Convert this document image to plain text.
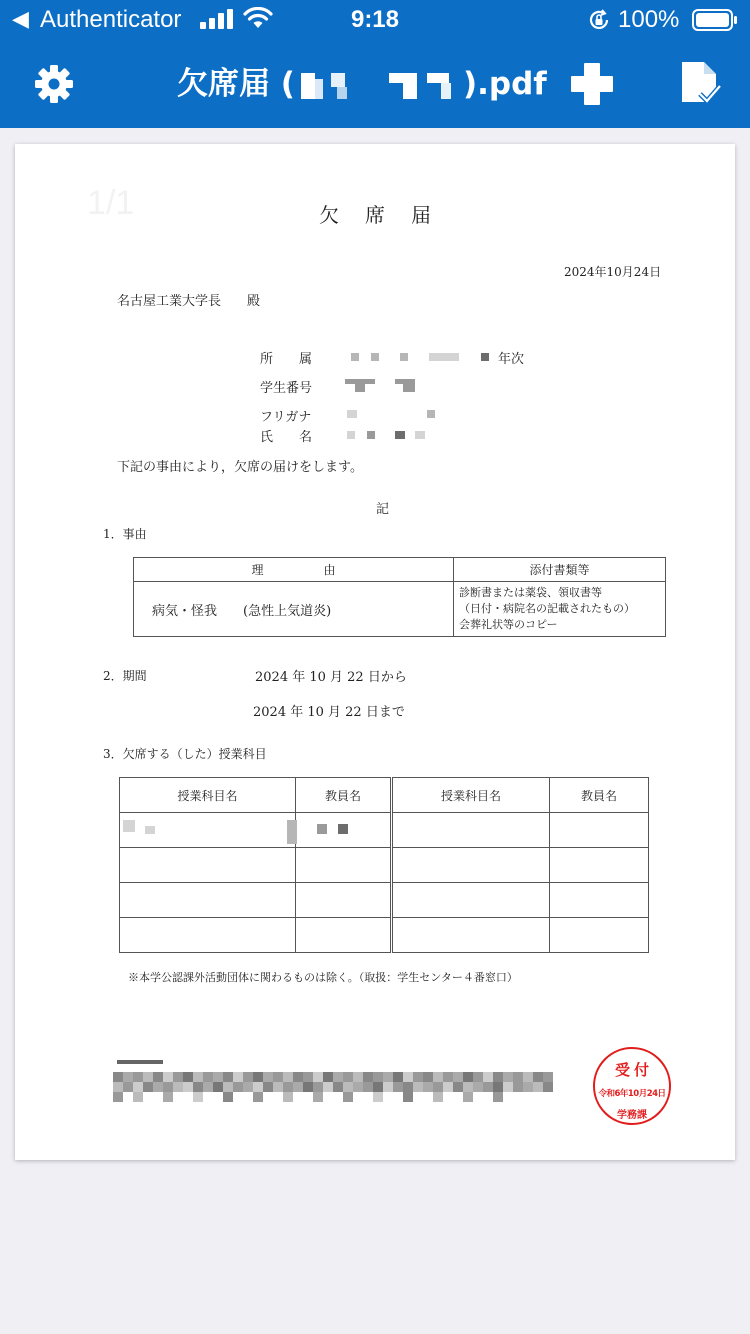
◀ Authenticator	9:18	100%
欠席届 (	).pdf
1/1	欠席届
2024年10月24日
名古屋工業大学長　　殿
所　　属	年次
学生番号
フリガナ
氏　　名
下記の事由により，欠席の届けをします。
記
1．事由
理　　　　　由	添付書類等
病気・怪我　　(急性上気道炎)	診断書または薬袋、領収書等
（日付・病院名の記載されたもの）
会葬礼状等のコピー
2．期間	2024 年 10 月 22 日から
2024 年 10 月 22 日まで
3．欠席する（した）授業科目
授業科目名	教員名	授業科目名	教員名

※本学公認課外活動団体に関わるものは除く。（取扱：学生センター４番窓口）
受付
令和6年10月24日
学務課
